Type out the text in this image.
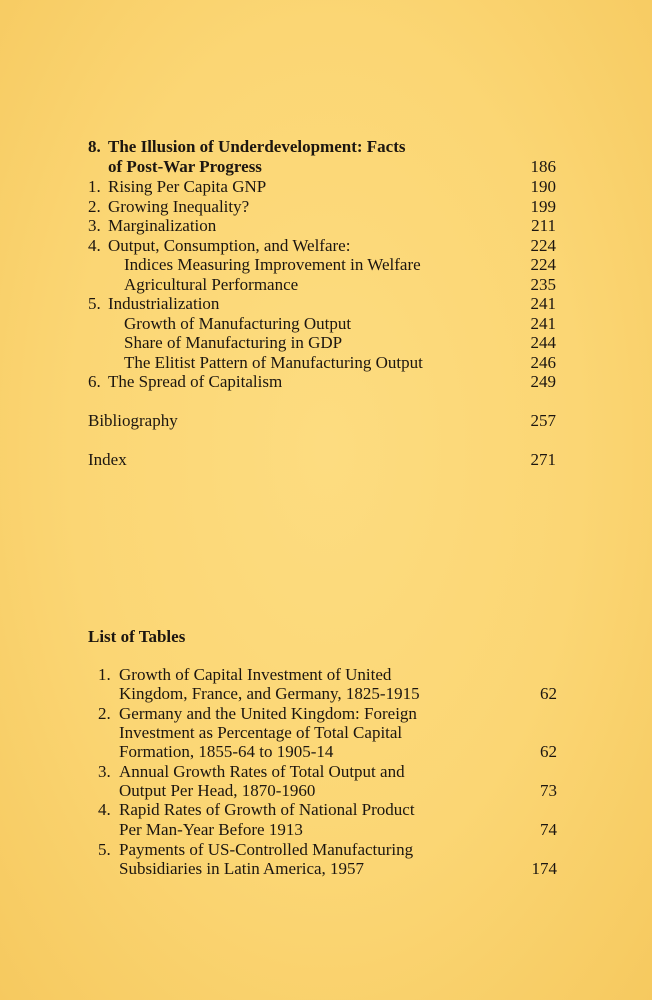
8. The Illusion of Underdevelopment: Facts
of Post-War Progress	186
1. Rising Per Capita GNP	190
2. Growing Inequality?	199
3. Marginalization	211
4. Output, Consumption, and Welfare:	224
Indices Measuring Improvement in Welfare	224
Agricultural Performance	235
5. Industrialization	241
Growth of Manufacturing Output	241
Share of Manufacturing in GDP	244
The Elitist Pattern of Manufacturing Output	246
6. The Spread of Capitalism	249
Bibliography	257
Index	271
List of Tables
1. Growth of Capital Investment of United
Kingdom, France, and Germany, 1825-1915	62
2. Germany and the United Kingdom: Foreign
Investment as Percentage of Total Capital
Formation, 1855-64 to 1905-14	62
3. Annual Growth Rates of Total Output and
Output Per Head, 1870-1960	73
4. Rapid Rates of Growth of National Product
Per Man-Year Before 1913	74
5. Payments of US-Controlled Manufacturing
Subsidiaries in Latin America, 1957	174
